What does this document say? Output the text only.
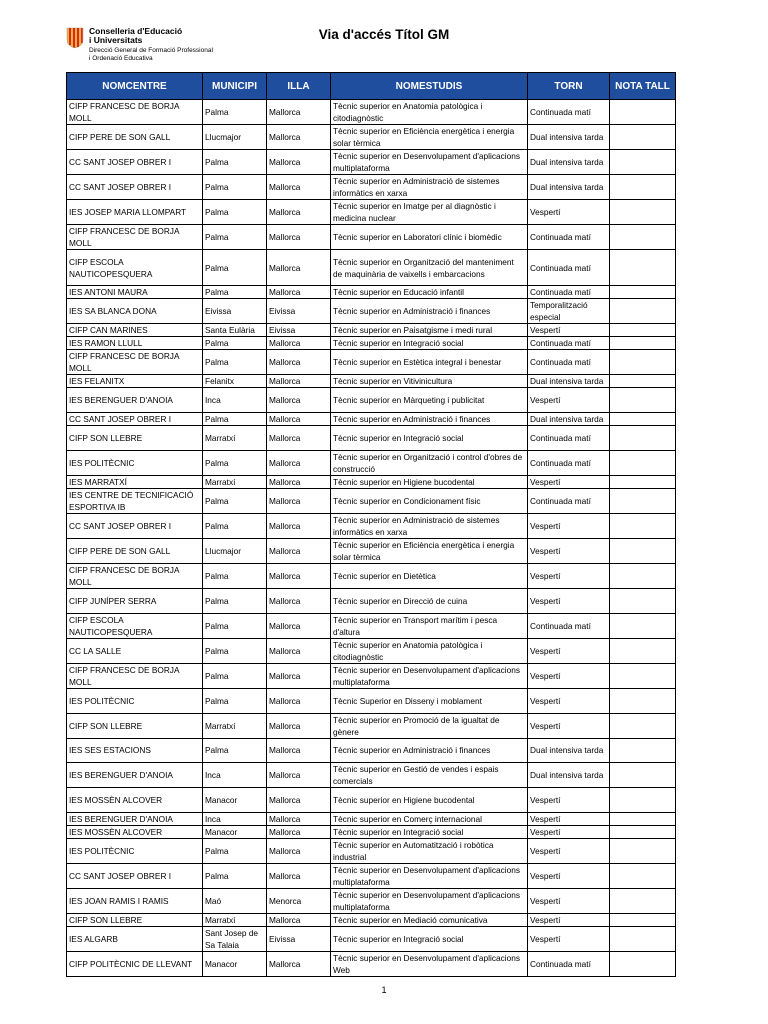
Conselleria d'Educació
i Universitats
Direcció General de Formació Professional
i Ordenació Educativa
Via d'accés Títol GM
NOMCENTRE	MUNICIPI	ILLA	NOMESTUDIS	TORN	NOTA TALL
CIFP FRANCESC DE BORJA MOLL	Palma	Mallorca	Tècnic superior en Anatomia patològica i citodiagnòstic	Continuada matí	
CIFP PERE DE SON GALL	Llucmajor	Mallorca	Tècnic superior en Eficiència energètica i energia solar tèrmica	Dual intensiva tarda	
CC SANT JOSEP OBRER I	Palma	Mallorca	Tècnic superior en Desenvolupament d'aplicacions multiplataforma	Dual intensiva tarda	
CC SANT JOSEP OBRER I	Palma	Mallorca	Tècnic superior en Administració de sistemes informàtics en xarxa	Dual intensiva tarda	
IES JOSEP MARIA LLOMPART	Palma	Mallorca	Tècnic superior en Imatge per al diagnòstic i medicina nuclear	Vespertí	
CIFP FRANCESC DE BORJA MOLL	Palma	Mallorca	Tècnic superior en Laboratori clínic i biomèdic	Continuada matí	
CIFP ESCOLA NAUTICOPESQUERA	Palma	Mallorca	Tècnic superior en Organització del manteniment de maquinària de vaixells i embarcacions	Continuada matí	
IES ANTONI MAURA	Palma	Mallorca	Tècnic superior en Educació infantil	Continuada matí	
IES SA BLANCA DONA	Eivissa	Eivissa	Tècnic superior en Administració i finances	Temporalització especial	
CIFP CAN MARINES	Santa Eulària	Eivissa	Tècnic superior en Paisatgisme i medi rural	Vespertí	
IES RAMON LLULL	Palma	Mallorca	Tècnic superior en Integració social	Continuada matí	
CIFP FRANCESC DE BORJA MOLL	Palma	Mallorca	Tècnic superior en Estètica integral i benestar	Continuada matí	
IES FELANITX	Felanitx	Mallorca	Tècnic superior en Vitivinicultura	Dual intensiva tarda	
IES BERENGUER D'ANOIA	Inca	Mallorca	Tècnic superior en Màrqueting i publicitat	Vespertí	
CC SANT JOSEP OBRER I	Palma	Mallorca	Tècnic superior en Administració i finances	Dual intensiva tarda	
CIFP SON LLEBRE	Marratxí	Mallorca	Tècnic superior en Integració social	Continuada matí	
IES POLITÈCNIC	Palma	Mallorca	Tècnic superior en Organització i control d'obres de construcció	Continuada matí	
IES MARRATXÍ	Marratxí	Mallorca	Tècnic superior en Higiene bucodental	Vespertí	
IES CENTRE DE TECNIFICACIÓ ESPORTIVA IB	Palma	Mallorca	Tècnic superior en Condicionament físic	Continuada matí	
CC SANT JOSEP OBRER I	Palma	Mallorca	Tècnic superior en Administració de sistemes informàtics en xarxa	Vespertí	
CIFP PERE DE SON GALL	Llucmajor	Mallorca	Tècnic superior en Eficiència energètica i energia solar tèrmica	Vespertí	
CIFP FRANCESC DE BORJA MOLL	Palma	Mallorca	Tècnic superior en Dietètica	Vespertí	
CIFP JUNÍPER SERRA	Palma	Mallorca	Tècnic superior en Direcció de cuina	Vespertí	
CIFP ESCOLA NAUTICOPESQUERA	Palma	Mallorca	Tècnic superior en Transport marítim i pesca d'altura	Continuada matí	
CC LA SALLE	Palma	Mallorca	Tècnic superior en Anatomia patològica i citodiagnòstic	Vespertí	
CIFP FRANCESC DE BORJA MOLL	Palma	Mallorca	Tècnic superior en Desenvolupament d'aplicacions multiplataforma	Vespertí	
IES POLITÈCNIC	Palma	Mallorca	Tècnic Superior en Disseny i moblament	Vespertí	
CIFP SON LLEBRE	Marratxí	Mallorca	Tècnic superior en Promoció de la igualtat de gènere	Vespertí	
IES SES ESTACIONS	Palma	Mallorca	Tècnic superior en Administració i finances	Dual intensiva tarda	
IES BERENGUER D'ANOIA	Inca	Mallorca	Tècnic superior en Gestió de vendes i espais comercials	Dual intensiva tarda	
IES MOSSÈN ALCOVER	Manacor	Mallorca	Tècnic superior en Higiene bucodental	Vespertí	
IES BERENGUER D'ANOIA	Inca	Mallorca	Tècnic superior en Comerç internacional	Vespertí	
IES MOSSÈN ALCOVER	Manacor	Mallorca	Tècnic superior en Integració social	Vespertí	
IES POLITÈCNIC	Palma	Mallorca	Tècnic superior en Automatització i robòtica industrial	Vespertí	
CC SANT JOSEP OBRER I	Palma	Mallorca	Tècnic superior en Desenvolupament d'aplicacions multiplataforma	Vespertí	
IES JOAN RAMIS I RAMIS	Maó	Menorca	Tècnic superior en Desenvolupament d'aplicacions multiplataforma	Vespertí	
CIFP SON LLEBRE	Marratxí	Mallorca	Tècnic superior en Mediació comunicativa	Vespertí	
IES ALGARB	Sant Josep de Sa Talaia	Eivissa	Tècnic superior en Integració social	Vespertí	
CIFP POLITÈCNIC DE LLEVANT	Manacor	Mallorca	Tècnic superior en Desenvolupament d'aplicacions Web	Continuada matí	
1
